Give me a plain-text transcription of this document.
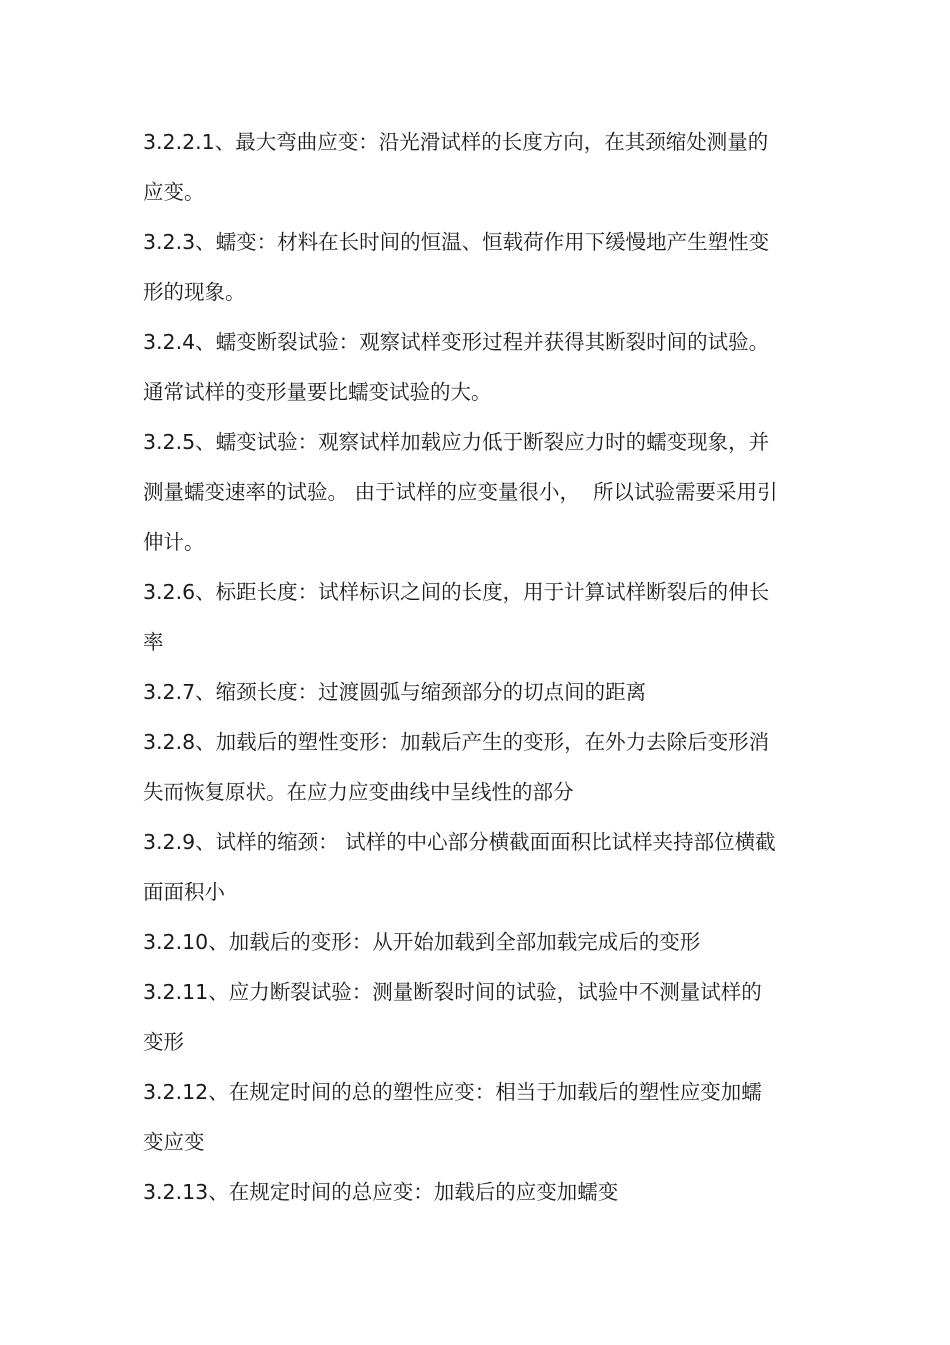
3.2.2.1、最大弯曲应变：沿光滑试样的长度方向，在其颈缩处测量的
应变。
3.2.3、蠕变：材料在长时间的恒温、恒载荷作用下缓慢地产生塑性变
形的现象。
3.2.4、蠕变断裂试验：观察试样变形过程并获得其断裂时间的试验。
通常试样的变形量要比蠕变试验的大。
3.2.5、蠕变试验：观察试样加载应力低于断裂应力时的蠕变现象，并
测量蠕变速率的试验。 由于试样的应变量很小，  所以试验需要采用引
伸计。
3.2.6、标距长度：试样标识之间的长度，用于计算试样断裂后的伸长
率
3.2.7、缩颈长度：过渡圆弧与缩颈部分的切点间的距离
3.2.8、加载后的塑性变形：加载后产生的变形，在外力去除后变形消
失而恢复原状。在应力应变曲线中呈线性的部分
3.2.9、试样的缩颈： 试样的中心部分横截面面积比试样夹持部位横截
面面积小
3.2.10、加载后的变形：从开始加载到全部加载完成后的变形
3.2.11、应力断裂试验：测量断裂时间的试验，试验中不测量试样的
变形
3.2.12、在规定时间的总的塑性应变：相当于加载后的塑性应变加蠕
变应变
3.2.13、在规定时间的总应变：加载后的应变加蠕变
